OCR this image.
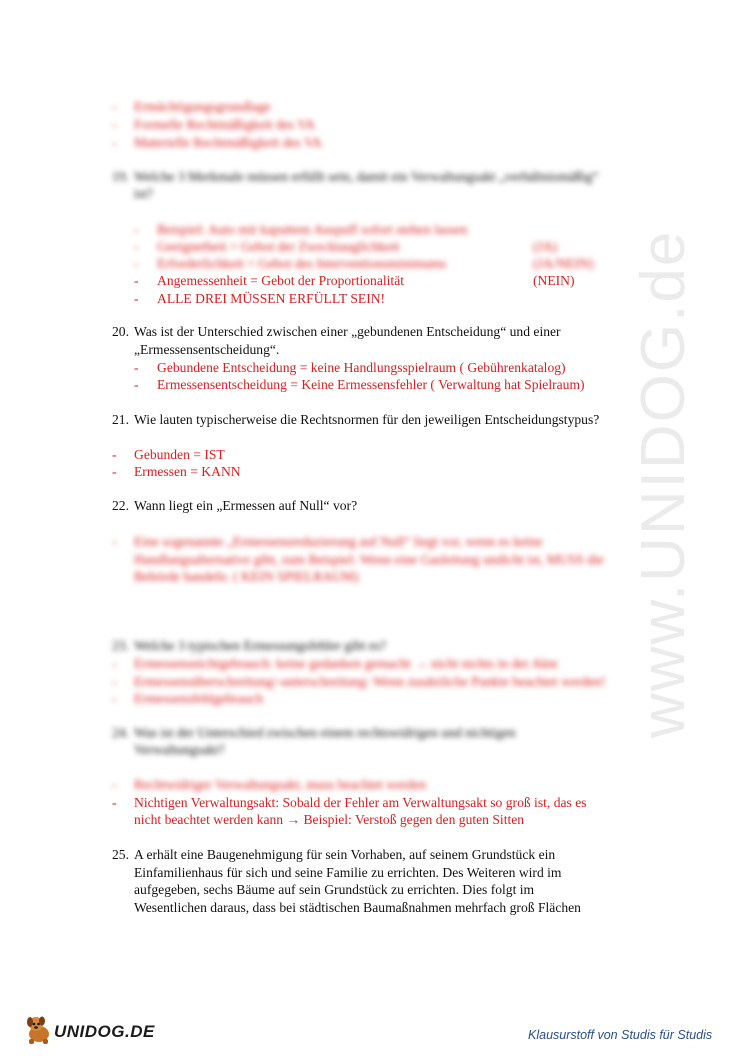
www.UNIDOG.de
- Ermächtigungsgrundlage
- Formelle Rechtmäßigkeit des VA
- Materielle Rechtmäßigkeit des VA
19. Welche 3 Merkmale müssen erfüllt sein, damit ein Verwaltungsakt „verhältnismäßig“
ist?
- Beispiel: Auto mit kaputtem Auspuff sofort stehen lassen
- Geeignetheit = Gebot der Zwecktauglichkeit	(JA)
- Erforderlichkeit = Gebot des Interventionsminimums	(JA/NEIN)
- Angemessenheit = Gebot der Proportionalität	(NEIN)
- ALLE DREI MÜSSEN ERFÜLLT SEIN!
20. Was ist der Unterschied zwischen einer „gebundenen Entscheidung“ und einer
„Ermessensentscheidung“.
- Gebundene Entscheidung = keine Handlungsspielraum ( Gebührenkatalog)
- Ermessensentscheidung = Keine Ermessensfehler ( Verwaltung hat Spielraum)
21. Wie lauten typischerweise die Rechtsnormen für den jeweiligen Entscheidungstypus?
- Gebunden = IST
- Ermessen = KANN
22. Wann liegt ein „Ermessen auf Null“ vor?
- Eine sogenannte „Ermessensreduzierung auf Null“ liegt vor, wenn es keine
Handlungsalternative gibt, zum Beispiel: Wenn eine Gasleitung undicht ist, MUSS die
Behörde handeln. ( KEIN SPIELRAUM)
23. Welche 3 typischen Ermessungsfehler gibt es?
- Ermessensnichtgebrauch: keine gedanken gemacht → nicht nichts in der Akte
- Ermessensüberschreitung/-unterschreitung: Wenn zusätzliche Punkte beachtet werden!
- Ermessensfehlgebrauch
24. Was ist der Unterschied zwischen einem rechtswidrigen und nichtigen
Verwaltungsakt?
- Rechtwidriger Verwaltungsakt, muss beachtet werden
- Nichtigen Verwaltungsakt: Sobald der Fehler am Verwaltungsakt so groß ist, das es
nicht beachtet werden kann → Beispiel: Verstoß gegen den guten Sitten
25. A erhält eine Baugenehmigung für sein Vorhaben, auf seinem Grundstück ein
Einfamilienhaus für sich und seine Familie zu errichten. Des Weiteren wird im
aufgegeben, sechs Bäume auf sein Grundstück zu errichten. Dies folgt im
Wesentlichen daraus, dass bei städtischen Baumaßnahmen mehrfach groß Flächen
UNIDOG.DE	Klausurstoff von Studis für Studis
